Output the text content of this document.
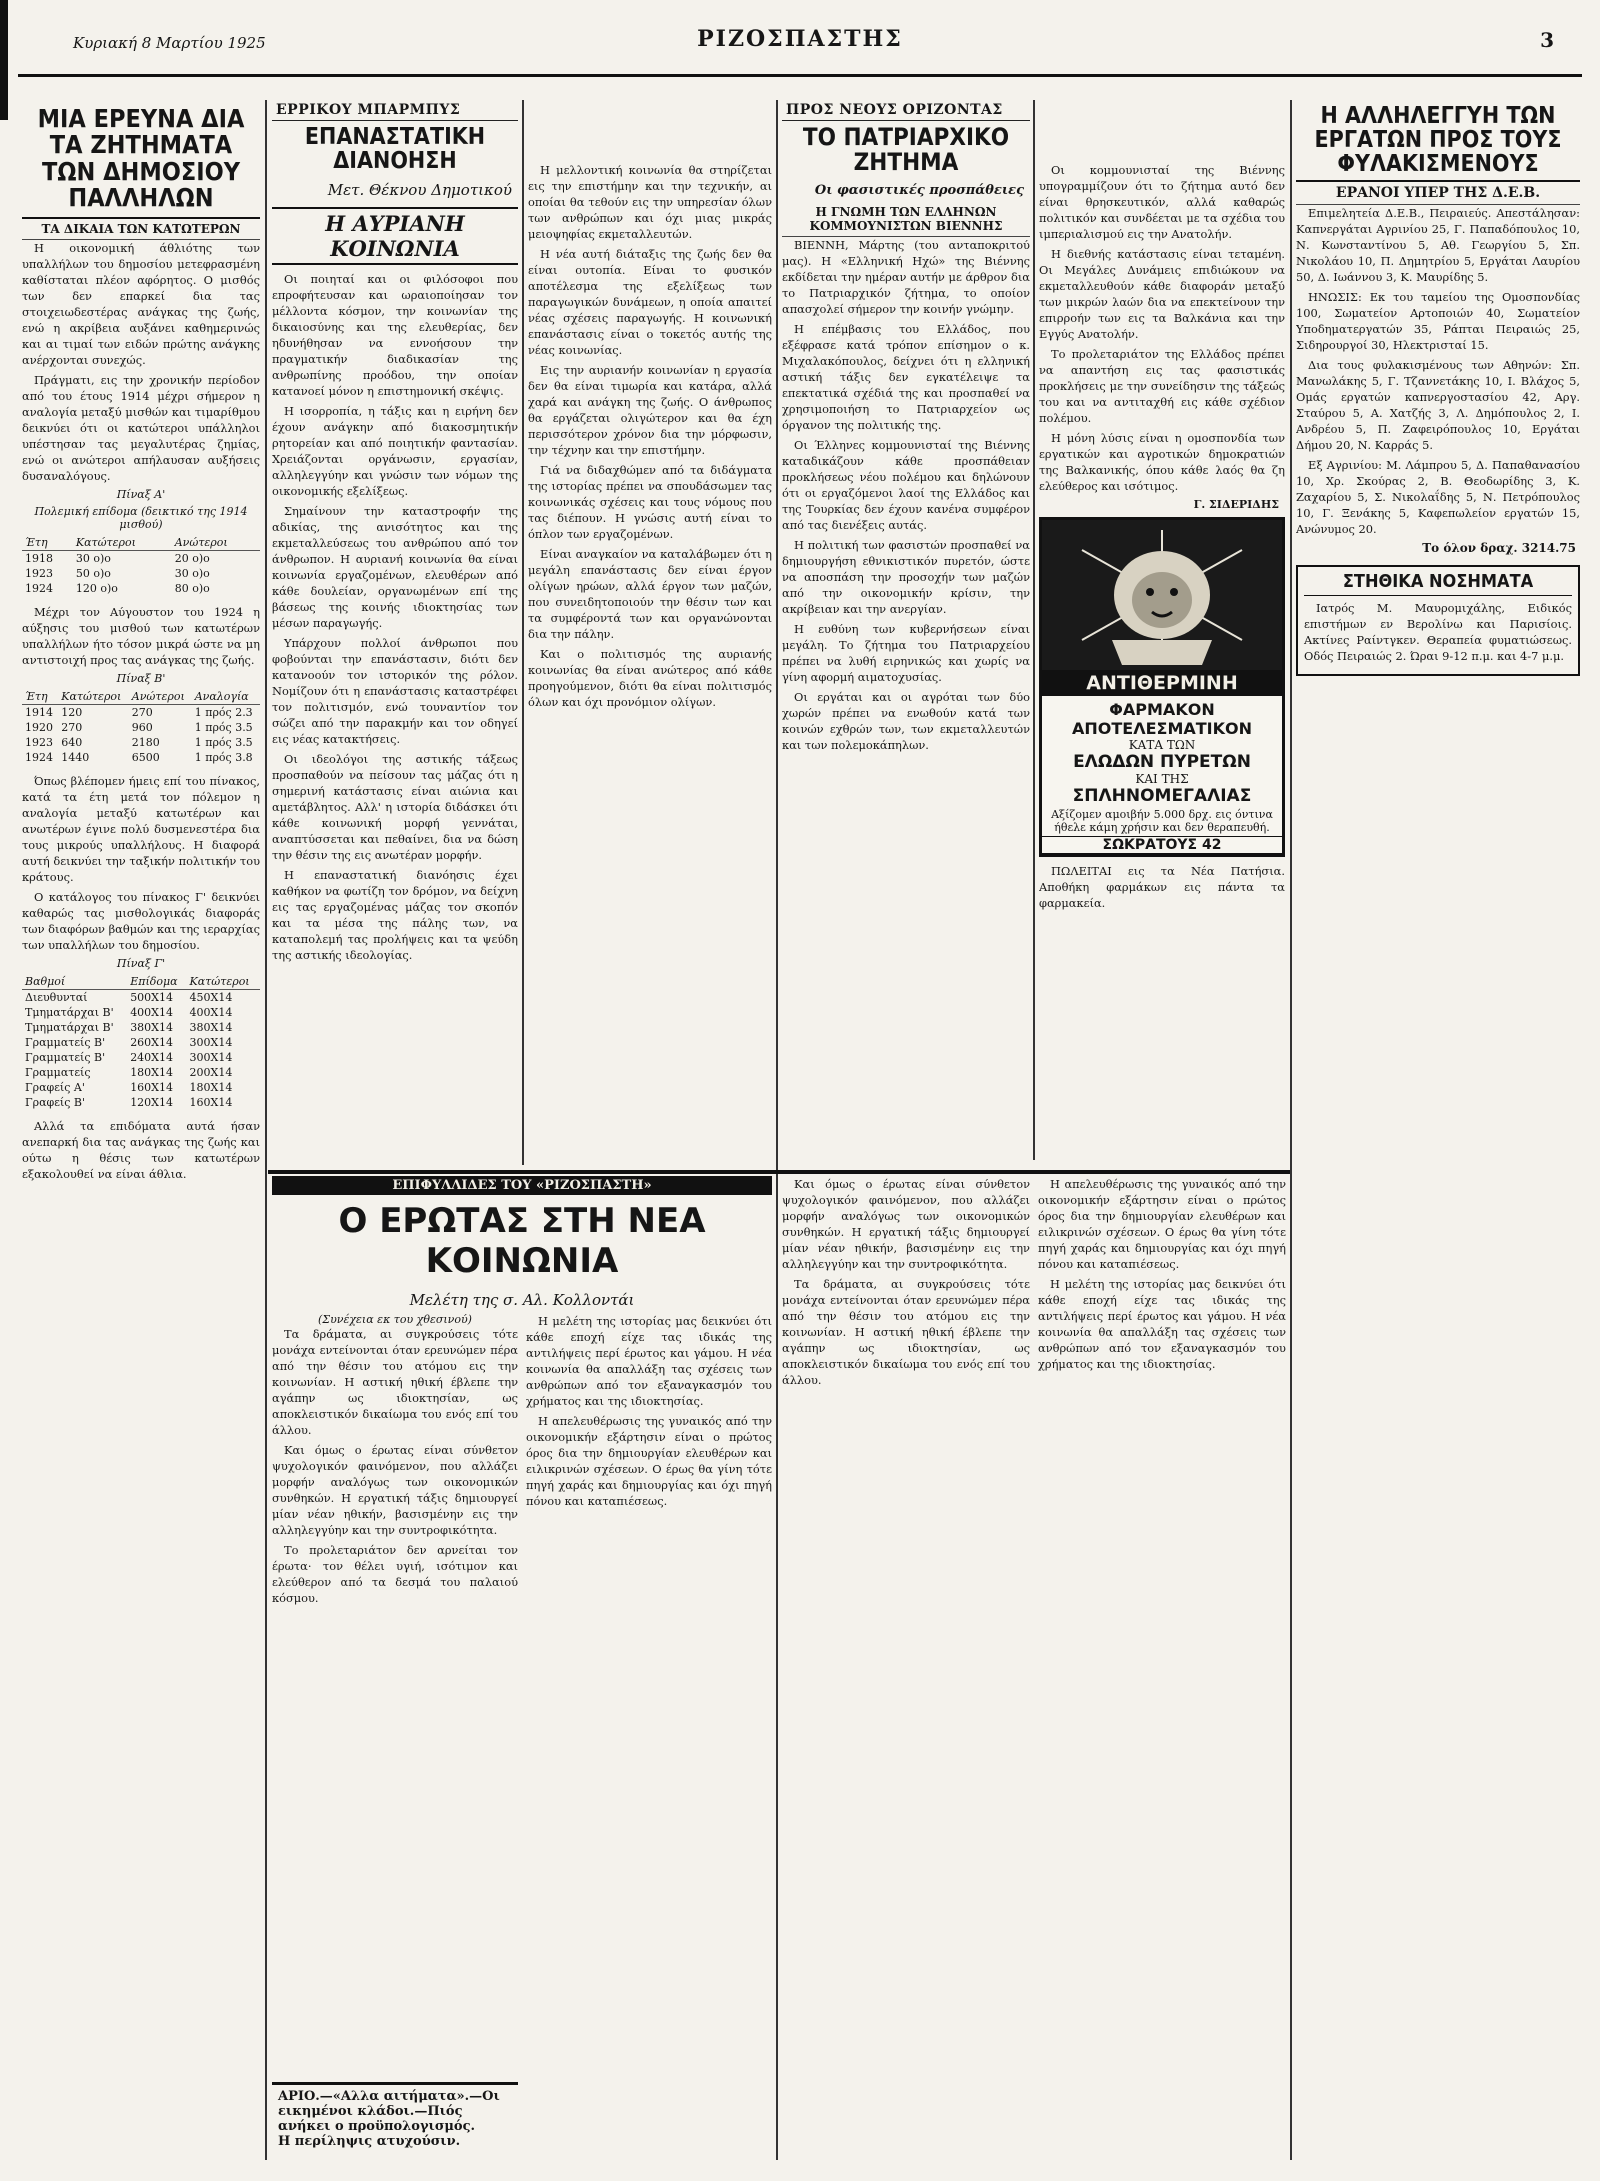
Κυριακή 8 Μαρτίου 1925	ΡΙΖΟΣΠΑΣΤΗΣ	3
ΜΙΑ ΕΡΕΥΝΑ ΔΙΑ ΤΑ ΖΗΤΗΜΑΤΑ ΤΩΝ ΔΗΜΟΣΙΟΥ ΠΑΛΛΗΛΩΝ
ΤΑ ΔΙΚΑΙΑ ΤΩΝ ΚΑΤΩΤΕΡΩΝ

Η οικονομική άθλιότης των υπαλλήλων του δημοσίου μετεφρασμένη καθίσταται πλέον αφόρητος. Ο μισθός των δεν επαρκεί δια τας στοιχειωδεστέρας ανάγκας της ζωής, ενώ η ακρίβεια αυξάνει καθημερινώς και αι τιμαί των ειδών πρώτης ανάγκης ανέρχονται συνεχώς.

Πράγματι, εις την χρονικήν περίοδον από του έτους 1914 μέχρι σήμερον η αναλογία μεταξύ μισθών και τιμαρίθμου δεικνύει ότι οι κατώτεροι υπάλληλοι υπέστησαν τας μεγαλυτέρας ζημίας, ενώ οι ανώτεροι απήλαυσαν αυξήσεις δυσαναλόγους.

Πίναξ Α'
Πολεμική επίδομα (δεικτικό της 1914 μισθού)
Έτη	Κατώτεροι	Ανώτεροι
1918	30 ο)ο	20 ο)ο
1923	50 ο)ο	30 ο)ο
1924	120 ο)ο	80 ο)ο

Μέχρι τον Αύγουστον του 1924 η αύξησις του μισθού των κατωτέρων υπαλλήλων ήτο τόσον μικρά ώστε να μη αντιστοιχή προς τας ανάγκας της ζωής.

Πίναξ Β'
Έτη	Κατώτεροι	Ανώτεροι	Αναλογία
1914	120	270	1 πρός 2.3
1920	270	960	1 πρός 3.5
1923	640	2180	1 πρός 3.5
1924	1440	6500	1 πρός 3.8

Όπως βλέπομεν ήμεις επί του πίνακος, κατά τα έτη μετά τον πόλεμον η αναλογία μεταξύ κατωτέρων και ανωτέρων έγινε πολύ δυσμενεστέρα δια τους μικρούς υπαλλήλους. Η διαφορά αυτή δεικνύει την ταξικήν πολιτικήν του κράτους.

Ο κατάλογος του πίνακος Γ' δεικνύει καθαρώς τας μισθολογικάς διαφοράς των διαφόρων βαθμών και της ιεραρχίας των υπαλλήλων του δημοσίου.

Πίναξ Γ'
Βαθμοί	Επίδομα	Κατώτεροι
Διευθυνταί	500X14	450X14
Τμηματάρχαι Β'	400X14	400X14
Τμηματάρχαι Β'	380X14	380X14
Γραμματείς Β'	260X14	300X14
Γραμματείς Β'	240X14	300X14
Γραμματείς	180X14	200X14
Γραφείς Α'	160X14	180X14
Γραφείς Β'	120X14	160X14

Αλλά τα επιδόματα αυτά ήσαν ανεπαρκή δια τας ανάγκας της ζωής και ούτω η θέσις των κατωτέρων εξακολουθεί να είναι άθλια.

ΕΡΡΙΚΟΥ ΜΠΑΡΜΠΥΣ
ΕΠΑΝΑΣΤΑΤΙΚΗ ΔΙΑΝΟΗΣΗ
Μετ. Θέκνου Δημοτικού
Η ΑΥΡΙΑΝΗ ΚΟΙΝΩΝΙΑ

Οι ποιηταί και οι φιλόσοφοι που επροφήτευσαν και ωραιοποίησαν τον μέλλοντα κόσμον, την κοινωνίαν της δικαιοσύνης και της ελευθερίας, δεν ηδυνήθησαν να εννοήσουν την πραγματικήν διαδικασίαν της ανθρωπίνης προόδου, την οποίαν κατανοεί μόνον η επιστημονική σκέψις.

Η ισορροπία, η τάξις και η ειρήνη δεν έχουν ανάγκην από διακοσμητικήν ρητορείαν και από ποιητικήν φαντασίαν. Χρειάζονται οργάνωσιν, εργασίαν, αλληλεγγύην και γνώσιν των νόμων της οικονομικής εξελίξεως.

Σημαίνουν την καταστροφήν της αδικίας, της ανισότητος και της εκμεταλλεύσεως του ανθρώπου από τον άνθρωπον. Η αυριανή κοινωνία θα είναι κοινωνία εργαζομένων, ελευθέρων από κάθε δουλείαν, οργανωμένων επί της βάσεως της κοινής ιδιοκτησίας των μέσων παραγωγής.

Υπάρχουν πολλοί άνθρωποι που φοβούνται την επανάστασιν, διότι δεν κατανοούν τον ιστορικόν της ρόλον. Νομίζουν ότι η επανάστασις καταστρέφει τον πολιτισμόν, ενώ τουναντίον τον σώζει από την παρακμήν και τον οδηγεί εις νέας κατακτήσεις.

Οι ιδεολόγοι της αστικής τάξεως προσπαθούν να πείσουν τας μάζας ότι η σημερινή κατάστασις είναι αιώνια και αμετάβλητος. Αλλ' η ιστορία διδάσκει ότι κάθε κοινωνική μορφή γεννάται, αναπτύσσεται και πεθαίνει, δια να δώση την θέσιν της εις ανωτέραν μορφήν.

Η επαναστατική διανόησις έχει καθήκον να φωτίζη τον δρόμον, να δείχνη εις τας εργαζομένας μάζας τον σκοπόν και τα μέσα της πάλης των, να καταπολεμή τας προλήψεις και τα ψεύδη της αστικής ιδεολογίας.

Η μελλοντική κοινωνία θα στηρίζεται εις την επιστήμην και την τεχνικήν, αι οποίαι θα τεθούν εις την υπηρεσίαν όλων των ανθρώπων και όχι μιας μικράς μειοψηφίας εκμεταλλευτών.

Η νέα αυτή διάταξις της ζωής δεν θα είναι ουτοπία. Είναι το φυσικόν αποτέλεσμα της εξελίξεως των παραγωγικών δυνάμεων, η οποία απαιτεί νέας σχέσεις παραγωγής. Η κοινωνική επανάστασις είναι ο τοκετός αυτής της νέας κοινωνίας.

Εις την αυριανήν κοινωνίαν η εργασία δεν θα είναι τιμωρία και κατάρα, αλλά χαρά και ανάγκη της ζωής. Ο άνθρωπος θα εργάζεται ολιγώτερον και θα έχη περισσότερον χρόνον δια την μόρφωσιν, την τέχνην και την επιστήμην.

Γιά να διδαχθώμεν από τα διδάγματα της ιστορίας πρέπει να σπουδάσωμεν τας κοινωνικάς σχέσεις και τους νόμους που τας διέπουν. Η γνώσις αυτή είναι το όπλον των εργαζομένων.

Είναι αναγκαίον να καταλάβωμεν ότι η μεγάλη επανάστασις δεν είναι έργον ολίγων ηρώων, αλλά έργον των μαζών, που συνειδητοποιούν την θέσιν των και τα συμφέροντά των και οργανώνονται δια την πάλην.

Και ο πολιτισμός της αυριανής κοινωνίας θα είναι ανώτερος από κάθε προηγούμενον, διότι θα είναι πολιτισμός όλων και όχι προνόμιον ολίγων.

ΠΡΟΣ ΝΕΟΥΣ ΟΡΙΖΟΝΤΑΣ
ΤΟ ΠΑΤΡΙΑΡΧΙΚΟ ΖΗΤΗΜΑ
Οι φασιστικές προσπάθειες
Η ΓΝΩΜΗ ΤΩΝ ΕΛΛΗΝΩΝ ΚΟΜΜΟΥΝΙΣΤΩΝ ΒΙΕΝΝΗΣ

ΒΙΕΝΝΗ, Μάρτης (του ανταποκριτού μας). Η «Ελληνική Ηχώ» της Βιέννης εκδίδεται την ημέραν αυτήν με άρθρον δια το Πατριαρχικόν ζήτημα, το οποίον απασχολεί σήμερον την κοινήν γνώμην.

Η επέμβασις του Ελλάδος, που εξέφρασε κατά τρόπον επίσημον ο κ. Μιχαλακόπουλος, δείχνει ότι η ελληνική αστική τάξις δεν εγκατέλειψε τα επεκτατικά σχέδιά της και προσπαθεί να χρησιμοποιήση το Πατριαρχείον ως όργανον της πολιτικής της.

Οι Έλληνες κομμουνισταί της Βιέννης καταδικάζουν κάθε προσπάθειαν προκλήσεως νέου πολέμου και δηλώνουν ότι οι εργαζόμενοι λαοί της Ελλάδος και της Τουρκίας δεν έχουν κανένα συμφέρον από τας διενέξεις αυτάς.

Η πολιτική των φασιστών προσπαθεί να δημιουργήση εθνικιστικόν πυρετόν, ώστε να αποσπάση την προσοχήν των μαζών από την οικονομικήν κρίσιν, την ακρίβειαν και την ανεργίαν.

Η ευθύνη των κυβερνήσεων είναι μεγάλη. Το ζήτημα του Πατριαρχείου πρέπει να λυθή ειρηνικώς και χωρίς να γίνη αφορμή αιματοχυσίας.

Οι εργάται και οι αγρόται των δύο χωρών πρέπει να ενωθούν κατά των κοινών εχθρών των, των εκμεταλλευτών και των πολεμοκάπηλων.

Οι κομμουνισταί της Βιέννης υπογραμμίζουν ότι το ζήτημα αυτό δεν είναι θρησκευτικόν, αλλά καθαρώς πολιτικόν και συνδέεται με τα σχέδια του ιμπεριαλισμού εις την Ανατολήν.

Η διεθνής κατάστασις είναι τεταμένη. Οι Μεγάλες Δυνάμεις επιδιώκουν να εκμεταλλευθούν κάθε διαφοράν μεταξύ των μικρών λαών δια να επεκτείνουν την επιρροήν των εις τα Βαλκάνια και την Εγγύς Ανατολήν.

Το προλεταριάτον της Ελλάδος πρέπει να απαντήση εις τας φασιστικάς προκλήσεις με την συνείδησιν της τάξεώς του και να αντιταχθή εις κάθε σχέδιον πολέμου.

Η μόνη λύσις είναι η ομοσπονδία των εργατικών και αγροτικών δημοκρατιών της Βαλκανικής, όπου κάθε λαός θα ζη ελεύθερος και ισότιμος.

Γ. ΣΙΔΕΡΙΔΗΣ
ΑΝΤΙΘΕΡΜΙΝΗ
ΦΑΡΜΑΚΟΝ
ΑΠΟΤΕΛΕΣΜΑΤΙΚΟΝ
ΚΑΤΑ ΤΩΝ
ΕΛΩΔΩΝ ΠΥΡΕΤΩΝ
ΚΑΙ ΤΗΣ
ΣΠΛΗΝΟΜΕΓΑΛΙΑΣ
Αξίζομεν αμοιβήν 5.000 δρχ. εις όντινα ήθελε κάμη χρήσιν και δεν θεραπευθή.
ΣΩΚΡΑΤΟΥΣ 42

ΠΩΛΕΙΤΑΙ εις τα Νέα Πατήσια. Αποθήκη φαρμάκων εις πάντα τα φαρμακεία.

Η ΑΛΛΗΛΕΓΓΥΗ ΤΩΝ ΕΡΓΑΤΩΝ ΠΡΟΣ ΤΟΥΣ ΦΥΛΑΚΙΣΜΕΝΟΥΣ
ΕΡΑΝΟΙ ΥΠΕΡ ΤΗΣ Δ.Ε.Β.

Επιμελητεία Δ.Ε.Β., Πειραιεύς. Απεστάλησαν: Καπνεργάται Αγρινίου 25, Γ. Παπαδόπουλος 10, Ν. Κωνσταντίνου 5, Αθ. Γεωργίου 5, Σπ. Νικολάου 10, Π. Δημητρίου 5, Εργάται Λαυρίου 50, Δ. Ιωάννου 3, Κ. Μαυρίδης 5.

ΗΝΩΣΙΣ: Εκ του ταμείου της Ομοσπονδίας 100, Σωματείον Αρτοποιών 40, Σωματείον Υποδηματεργατών 35, Ράπται Πειραιώς 25, Σιδηρουργοί 30, Ηλεκτρισταί 15.

Δια τους φυλακισμένους των Αθηνών: Σπ. Μανωλάκης 5, Γ. Τζαννετάκης 10, Ι. Βλάχος 5, Ομάς εργατών καπνεργοστασίου 42, Αργ. Σταύρου 5, Α. Χατζής 3, Λ. Δημόπουλος 2, Ι. Ανδρέου 5, Π. Ζαφειρόπουλος 10, Εργάται Δήμου 20, Ν. Καρράς 5.

Εξ Αγρινίου: Μ. Λάμπρου 5, Δ. Παπαθανασίου 10, Χρ. Σκούρας 2, Β. Θεοδωρίδης 3, Κ. Ζαχαρίου 5, Σ. Νικολαΐδης 5, Ν. Πετρόπουλος 10, Γ. Ξενάκης 5, Καφεπωλείον εργατών 15, Ανώνυμος 20.

Το όλον δραχ. 3214.75
ΣΤΗΘΙΚΑ ΝΟΣΗΜΑΤΑ

Ιατρός Μ. Μαυρομιχάλης, Ειδικός επιστήμων εν Βερολίνω και Παρισίοις. Ακτίνες Ραίντγκεν. Θεραπεία φυματιώσεως. Οδός Πειραιώς 2. Ώραι 9-12 π.μ. και 4-7 μ.μ.

ΕΠΙΦΥΛΛΙΔΕΣ ΤΟΥ «ΡΙΖΟΣΠΑΣΤΗ»
Ο ΕΡΩΤΑΣ ΣΤΗ ΝΕΑ ΚΟΙΝΩΝΙΑ
Μελέτη της σ. Αλ. Κολλοντάι
(Συνέχεια εκ του χθεσινού)

Τα δράματα, αι συγκρούσεις τότε μονάχα εντείνονται όταν ερευνώμεν πέρα από την θέσιν του ατόμου εις την κοινωνίαν. Η αστική ηθική έβλεπε την αγάπην ως ιδιοκτησίαν, ως αποκλειστικόν δικαίωμα του ενός επί του άλλου.

Και όμως ο έρωτας είναι σύνθετον ψυχολογικόν φαινόμενον, που αλλάζει μορφήν αναλόγως των οικονομικών συνθηκών. Η εργατική τάξις δημιουργεί μίαν νέαν ηθικήν, βασισμένην εις την αλληλεγγύην και την συντροφικότητα.

Το προλεταριάτον δεν αρνείται τον έρωτα· τον θέλει υγιή, ισότιμον και ελεύθερον από τα δεσμά του παλαιού κόσμου.

Η μελέτη της ιστορίας μας δεικνύει ότι κάθε εποχή είχε τας ιδικάς της αντιλήψεις περί έρωτος και γάμου. Η νέα κοινωνία θα απαλλάξη τας σχέσεις των ανθρώπων από τον εξαναγκασμόν του χρήματος και της ιδιοκτησίας.

Η απελευθέρωσις της γυναικός από την οικονομικήν εξάρτησιν είναι ο πρώτος όρος δια την δημιουργίαν ελευθέρων και ειλικρινών σχέσεων. Ο έρως θα γίνη τότε πηγή χαράς και δημιουργίας και όχι πηγή πόνου και καταπιέσεως.

ΑΡΙΟ.—«Αλλα αιτήματα».—Οι εικημένοι κλάδοι.—Πιός ανήκει ο προϋπολογισμός.
Η περίληψις ατυχούσιν.

Και όμως ο έρωτας είναι σύνθετον ψυχολογικόν φαινόμενον, που αλλάζει μορφήν αναλόγως των οικονομικών συνθηκών. Η εργατική τάξις δημιουργεί μίαν νέαν ηθικήν, βασισμένην εις την αλληλεγγύην και την συντροφικότητα.

Τα δράματα, αι συγκρούσεις τότε μονάχα εντείνονται όταν ερευνώμεν πέρα από την θέσιν του ατόμου εις την κοινωνίαν. Η αστική ηθική έβλεπε την αγάπην ως ιδιοκτησίαν, ως αποκλειστικόν δικαίωμα του ενός επί του άλλου.

Η απελευθέρωσις της γυναικός από την οικονομικήν εξάρτησιν είναι ο πρώτος όρος δια την δημιουργίαν ελευθέρων και ειλικρινών σχέσεων. Ο έρως θα γίνη τότε πηγή χαράς και δημιουργίας και όχι πηγή πόνου και καταπιέσεως.

Η μελέτη της ιστορίας μας δεικνύει ότι κάθε εποχή είχε τας ιδικάς της αντιλήψεις περί έρωτος και γάμου. Η νέα κοινωνία θα απαλλάξη τας σχέσεις των ανθρώπων από τον εξαναγκασμόν του χρήματος και της ιδιοκτησίας.
